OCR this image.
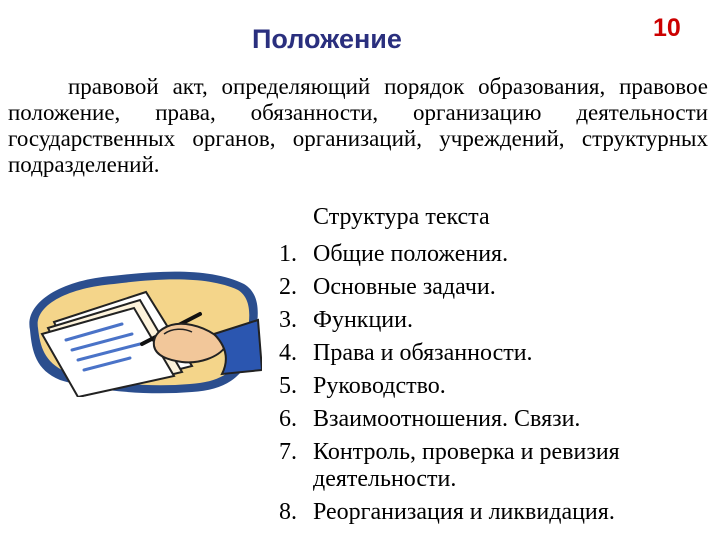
Положение	10

правовой акт, определяющий порядок образования, правовое положение, права, обязанности, организацию деятельности государственных органов, организаций, учреждений, структурных подразделений.

Структура текста
1. Общие положения.
2. Основные задачи.
3. Функции.
4. Права и обязанности.
5. Руководство.
6. Взаимоотношения. Связи.
7. Контроль, проверка и ревизия деятельности.
8. Реорганизация и ликвидация.
